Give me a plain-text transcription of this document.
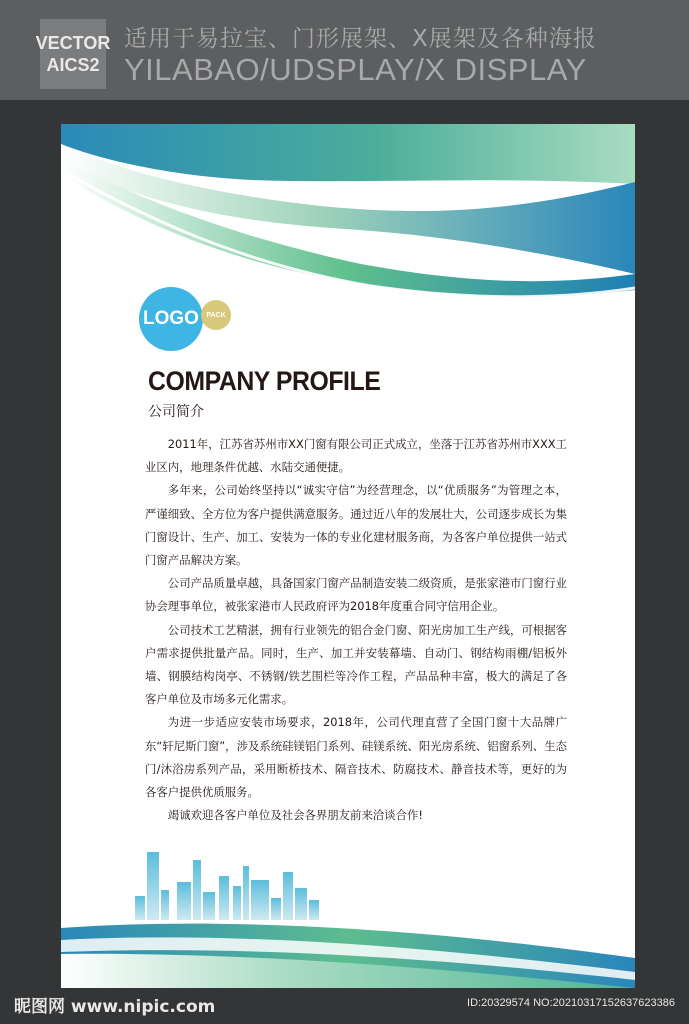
VECTOR
AICS2
适用于易拉宝、门形展架、X展架及各种海报
YILABAO/UDSPLAY/X DISPLAY
LOGO PACK
COMPANY PROFILE
公司简介

2011年，江苏省苏州市XX门窗有限公司正式成立，坐落于江苏省苏州市XXX工业区内，地理条件优越、水陆交通便捷。

多年来，公司始终坚持以“诚实守信”为经营理念，以“优质服务”为管理之本，严谨细致、全方位为客户提供满意服务。通过近八年的发展壮大，公司逐步成长为集门窗设计、生产、加工、安装为一体的专业化建材服务商，为各客户单位提供一站式门窗产品解决方案。

公司产品质量卓越，具备国家门窗产品制造安装二级资质，是张家港市门窗行业协会理事单位，被张家港市人民政府评为2018年度重合同守信用企业。

公司技术工艺精湛，拥有行业领先的铝合金门窗、阳光房加工生产线，可根据客户需求提供批量产品。同时，生产、加工并安装幕墙、自动门、钢结构雨棚/铝板外墙、钢膜结构岗亭、不锈钢/铁艺围栏等冷作工程，产品品种丰富，极大的满足了各客户单位及市场多元化需求。

为进一步适应安装市场要求，2018年，公司代理直营了全国门窗十大品牌广东“轩尼斯门窗”，涉及系统硅镁铝门系列、硅镁系统、阳光房系统、铝窗系列、生态门/沐浴房系列产品，采用断桥技术、隔音技术、防腐技术、静音技术等，更好的为各客户提供优质服务。

竭诚欢迎各客户单位及社会各界朋友前来洽谈合作!

昵图网 www.nipic.com	ID:20329574 NO:20210317152637623386
